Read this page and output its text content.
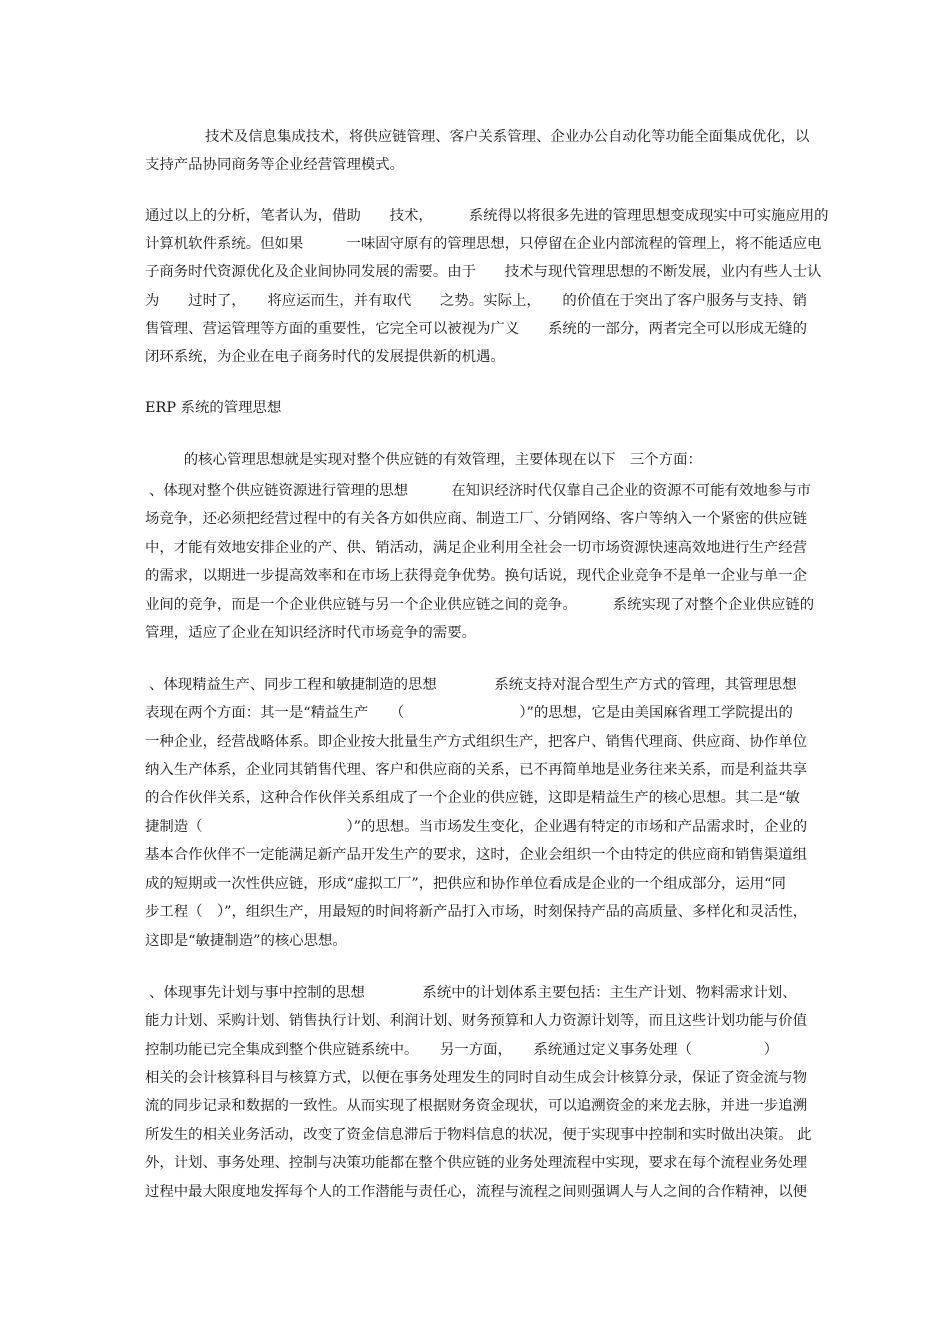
技术及信息集成技术，将供应链管理、客户关系管理、企业办公自动化等功能全面集成优化，以
支持产品协同商务等企业经营管理模式。
通过以上的分析，笔者认为，借助　　技术，　　　系统得以将很多先进的管理思想变成现实中可实施应用的
计算机软件系统。但如果　　　一味固守原有的管理思想，只停留在企业内部流程的管理上，将不能适应电
子商务时代资源优化及企业间协同发展的需要。由于　　技术与现代管理思想的不断发展，业内有些人士认
为　　过时了，　　将应运而生，并有取代　　之势。实际上，　　的价值在于突出了客户服务与支持、销
售管理、营运管理等方面的重要性，它完全可以被视为广义　　系统的一部分，两者完全可以形成无缝的
闭环系统，为企业在电子商务时代的发展提供新的机遇。
ERP 系统的管理思想
　　的核心管理思想就是实现对整个供应链的有效管理，主要体现在以下　三个方面：
、体现对整个供应链资源进行管理的思想　　　在知识经济时代仅靠自己企业的资源不可能有效地参与市
场竞争，还必须把经营过程中的有关各方如供应商、制造工厂、分销网络、客户等纳入一个紧密的供应链
中，才能有效地安排企业的产、供、销活动，满足企业利用全社会一切市场资源快速高效地进行生产经营
的需求，以期进一步提高效率和在市场上获得竞争优势。换句话说，现代企业竞争不是单一企业与单一企
业间的竞争，而是一个企业供应链与另一个企业供应链之间的竞争。　　　系统实现了对整个企业供应链的
管理，适应了企业在知识经济时代市场竞争的需要。
、体现精益生产、同步工程和敏捷制造的思想　　　　系统支持对混合型生产方式的管理，其管理思想
表现在两个方面：其一是“精益生产　　（　　　　　　　　）”的思想，它是由美国麻省理工学院提出的
一种企业，经营战略体系。即企业按大批量生产方式组织生产，把客户、销售代理商、供应商、协作单位
纳入生产体系，企业同其销售代理、客户和供应商的关系，已不再简单地是业务往来关系，而是利益共享
的合作伙伴关系，这种合作伙伴关系组成了一个企业的供应链，这即是精益生产的核心思想。其二是“敏
捷制造（　　　　　　　　　　）”的思想。当市场发生变化，企业遇有特定的市场和产品需求时，企业的
基本合作伙伴不一定能满足新产品开发生产的要求，这时，企业会组织一个由特定的供应商和销售渠道组
成的短期或一次性供应链，形成“虚拟工厂”，把供应和协作单位看成是企业的一个组成部分，运用“同
步工程（　）”，组织生产，用最短的时间将新产品打入市场，时刻保持产品的高质量、多样化和灵活性，
这即是“敏捷制造”的核心思想。
、体现事先计划与事中控制的思想　　　　系统中的计划体系主要包括：主生产计划、物料需求计划、
能力计划、采购计划、销售执行计划、利润计划、财务预算和人力资源计划等，而且这些计划功能与价值
控制功能已完全集成到整个供应链系统中。　　另一方面，　　系统通过定义事务处理（　　　　　）
相关的会计核算科目与核算方式，以便在事务处理发生的同时自动生成会计核算分录，保证了资金流与物
流的同步记录和数据的一致性。从而实现了根据财务资金现状，可以追溯资金的来龙去脉，并进一步追溯
所发生的相关业务活动，改变了资金信息滞后于物料信息的状况，便于实现事中控制和实时做出决策。 此
外，计划、事务处理、控制与决策功能都在整个供应链的业务处理流程中实现，要求在每个流程业务处理
过程中最大限度地发挥每个人的工作潜能与责任心，流程与流程之间则强调人与人之间的合作精神，以便
